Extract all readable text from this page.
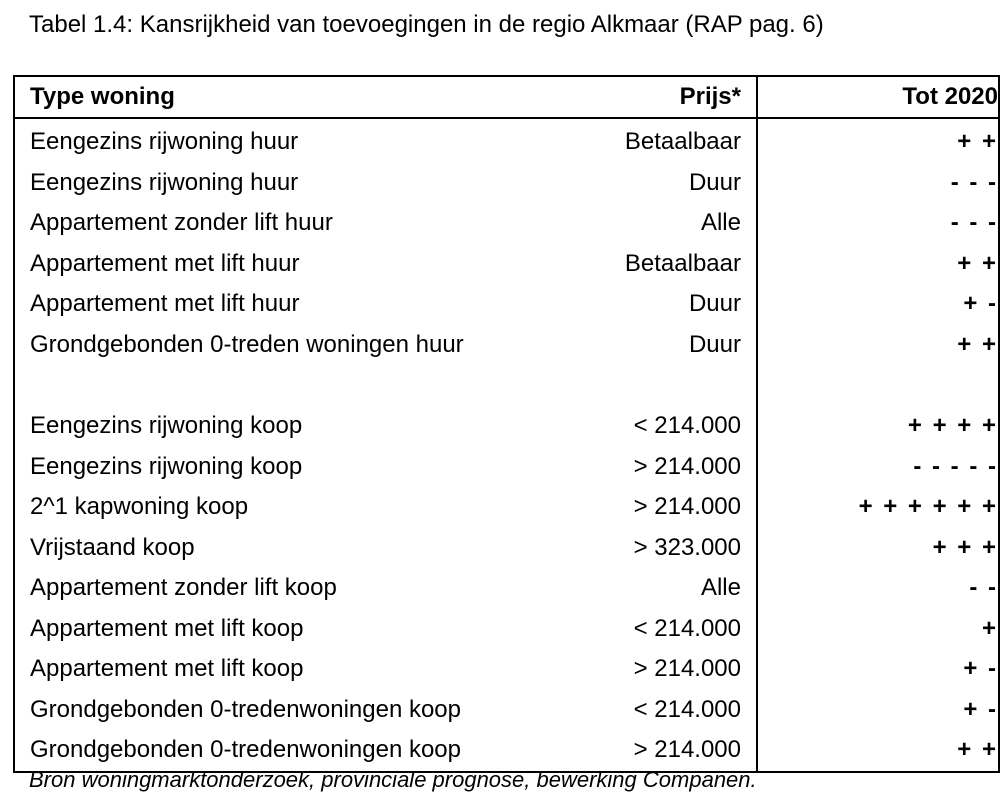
Tabel 1.4: Kansrijkheid van toevoegingen in de regio Alkmaar (RAP pag. 6)
Type woning Prijs*	Tot 2020

Eengezins rijwoning huur Betaalbaar	+ +

Eengezins rijwoning huur Duur	- - -

Appartement zonder lift huur Alle	- - -

Appartement met lift huur Betaalbaar	+ +

Appartement met lift huur Duur	+ -

Grondgebonden 0-treden woningen huur Duur	+ +

Eengezins rijwoning koop < 214.000	+ + + +

Eengezins rijwoning koop > 214.000	- - - - -

2^1 kapwoning koop > 214.000	+ + + + + +

Vrijstaand koop > 323.000	+ + +

Appartement zonder lift koop Alle	- -

Appartement met lift koop < 214.000	+

Appartement met lift koop > 214.000	+ -

Grondgebonden 0-tredenwoningen koop < 214.000	+ -

Grondgebonden 0-tredenwoningen koop > 214.000	+ +
Bron woningmarktonderzoek, provinciale prognose, bewerking Companen.
